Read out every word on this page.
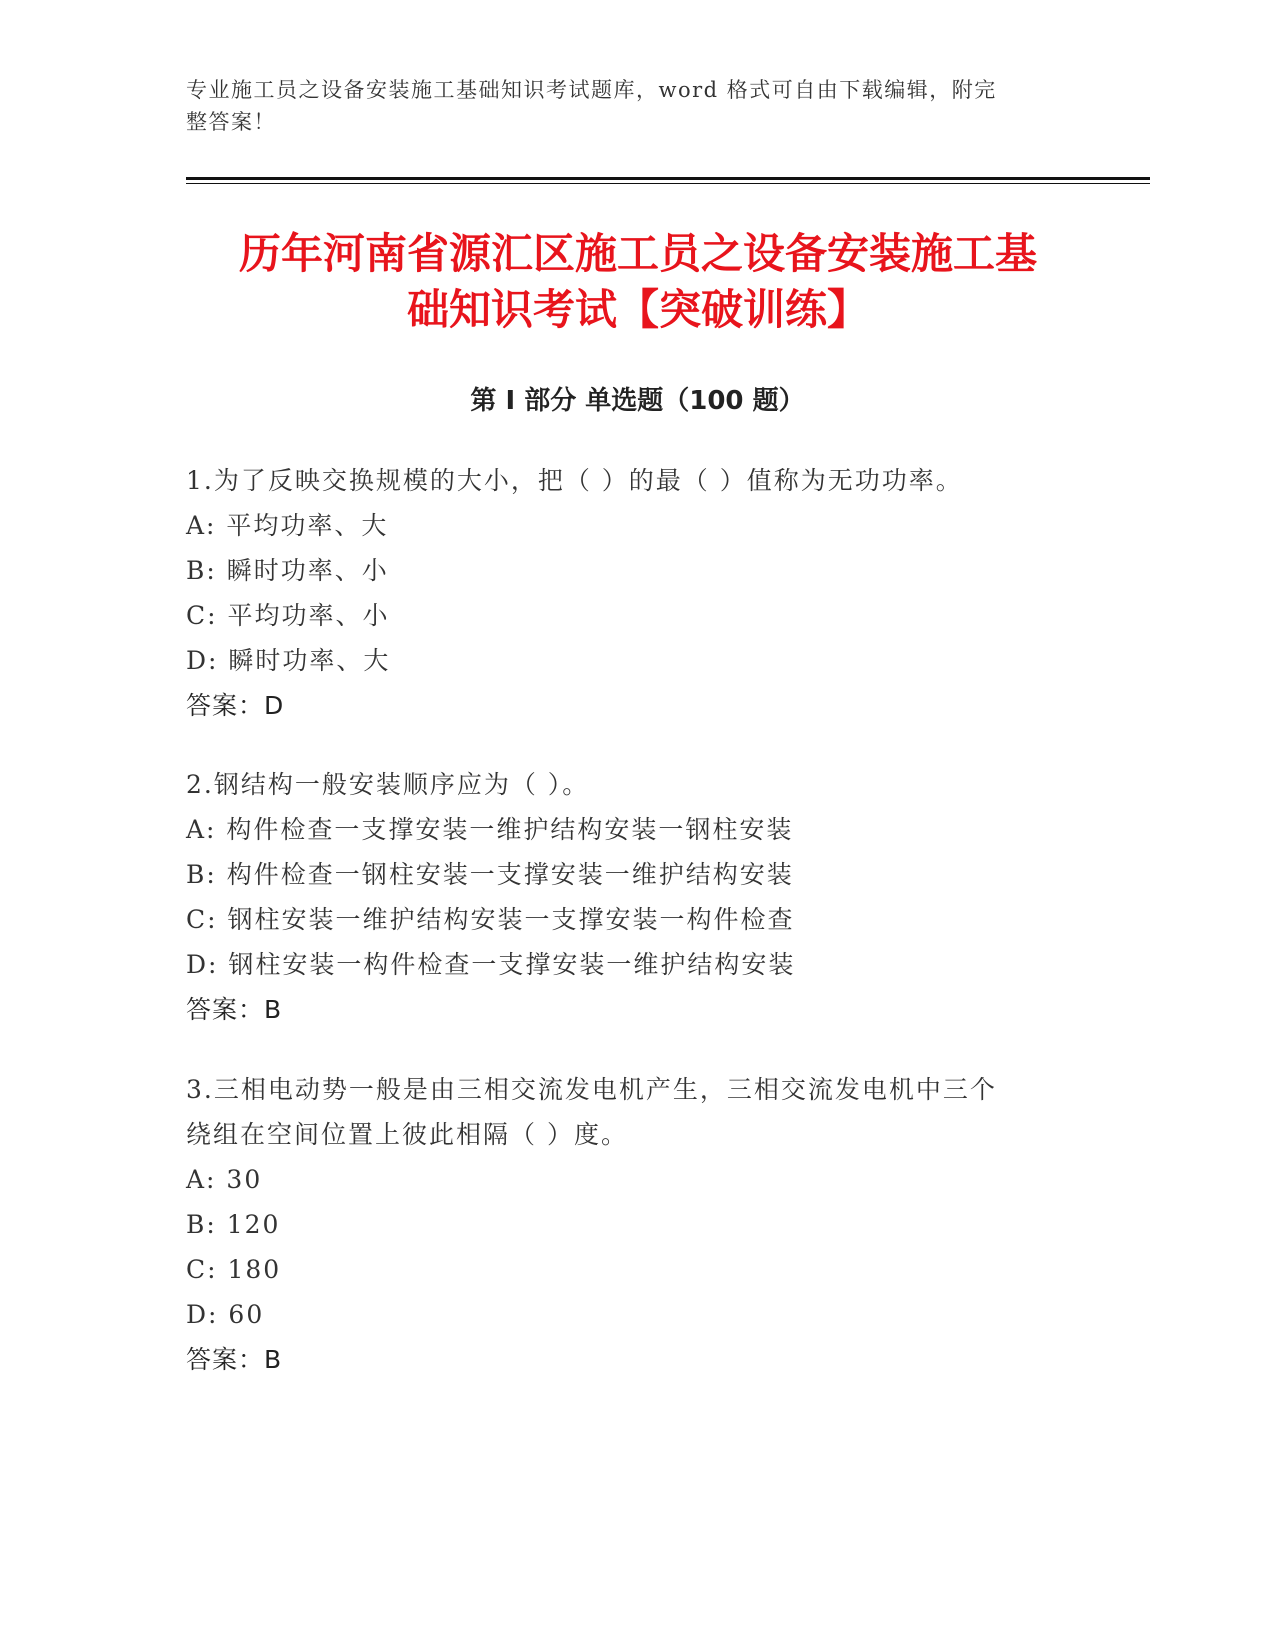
专业施工员之设备安装施工基础知识考试题库，word 格式可自由下载编辑，附完
整答案！
历年河南省源汇区施工员之设备安装施工基
础知识考试【突破训练】
第 I 部分 单选题（100 题）
1.为了反映交换规模的大小，把（ ）的最（ ）值称为无功功率。
A: 平均功率、大
B: 瞬时功率、小
C: 平均功率、小
D: 瞬时功率、大
答案：D
2.钢结构一般安装顺序应为（ ）。
A: 构件检查一支撑安装一维护结构安装一钢柱安装
B: 构件检查一钢柱安装一支撑安装一维护结构安装
C: 钢柱安装一维护结构安装一支撑安装一构件检查
D: 钢柱安装一构件检查一支撑安装一维护结构安装
答案：B
3.三相电动势一般是由三相交流发电机产生，三相交流发电机中三个
绕组在空间位置上彼此相隔（ ）度。
A: 30
B: 120
C: 180
D: 60
答案：B
